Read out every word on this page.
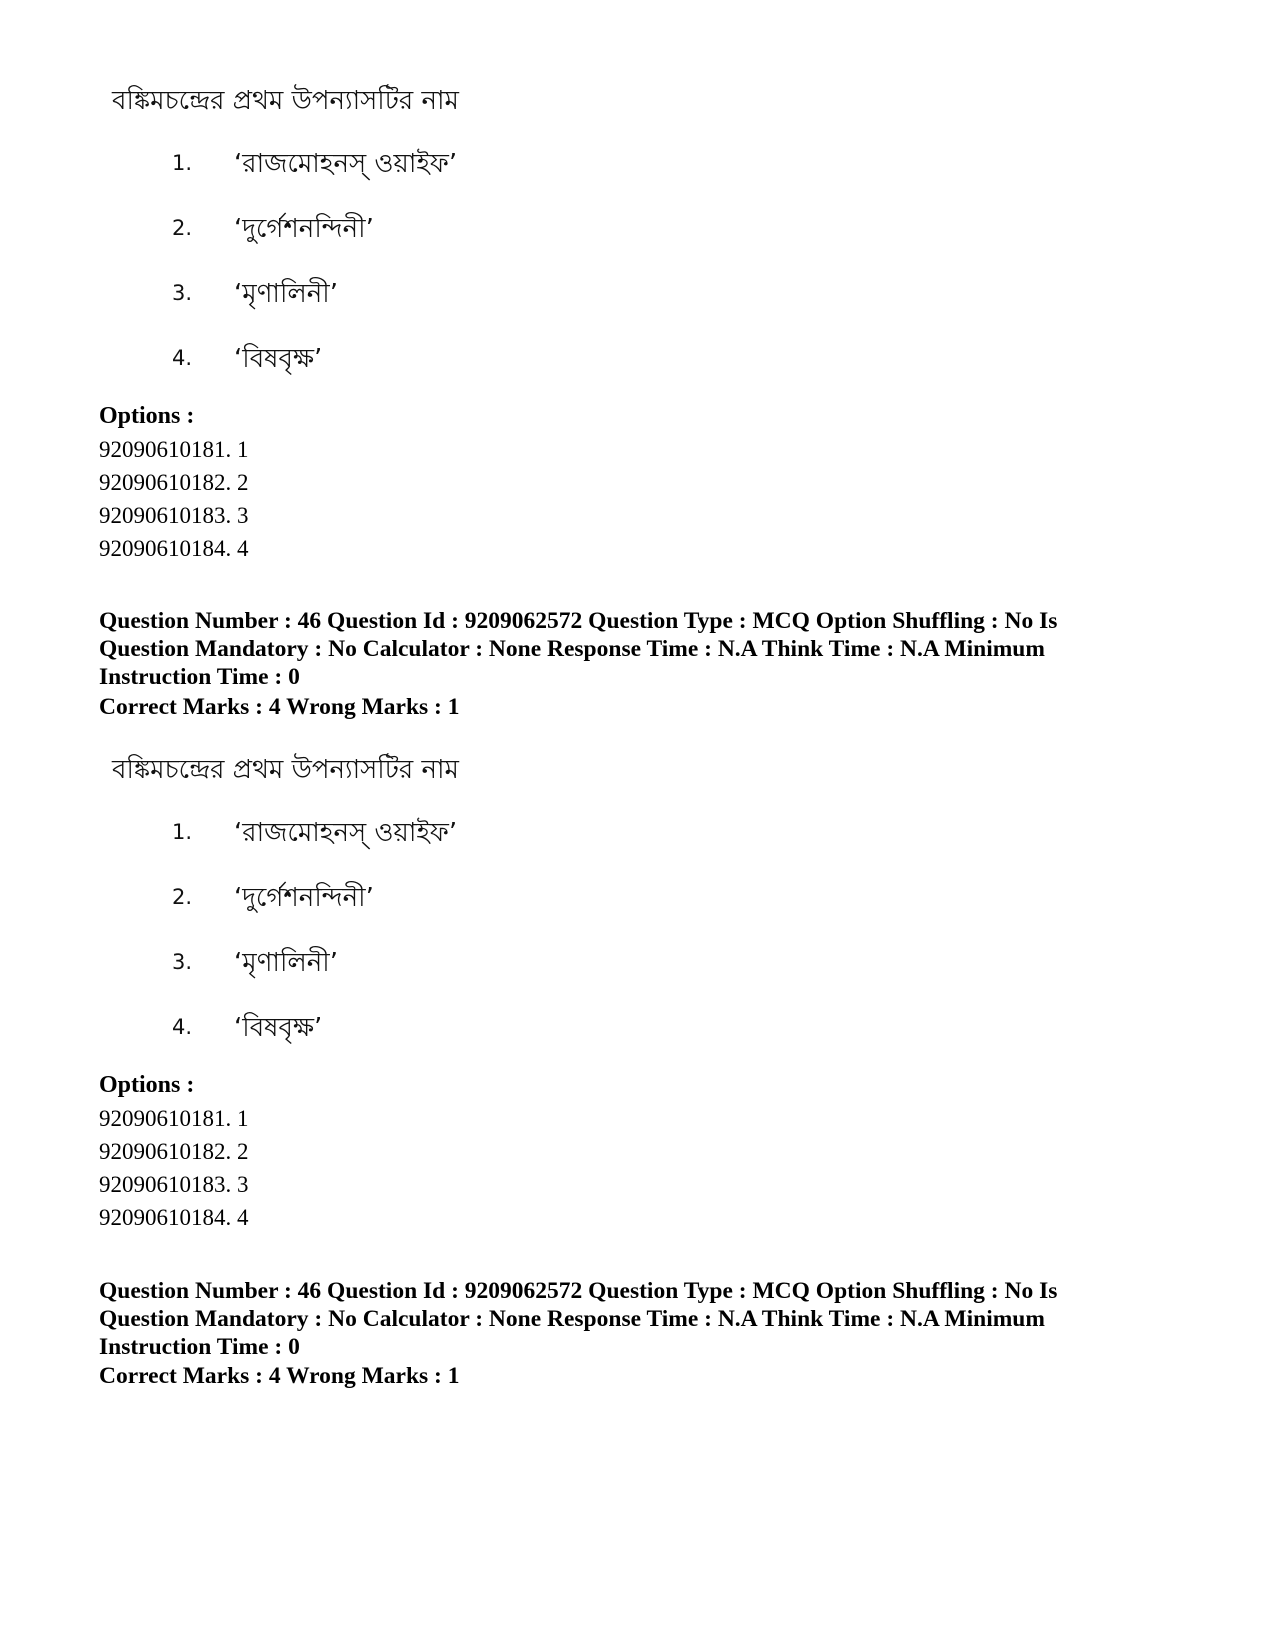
বঙ্কিমচন্দ্রের প্রথম উপন্যাসটির নাম
1. ‘রাজমোহনস্ ওয়াইফ’
2. ‘দুর্গেশনন্দিনী’
3. ‘মৃণালিনী’
4. ‘বিষবৃক্ষ’
Options :
92090610181. 1
92090610182. 2
92090610183. 3
92090610184. 4
Question Number : 46 Question Id : 9209062572 Question Type : MCQ Option Shuffling : No Is
Question Mandatory : No Calculator : None Response Time : N.A Think Time : N.A Minimum
Instruction Time : 0
Correct Marks : 4 Wrong Marks : 1
বঙ্কিমচন্দ্রের প্রথম উপন্যাসটির নাম
1. ‘রাজমোহনস্ ওয়াইফ’
2. ‘দুর্গেশনন্দিনী’
3. ‘মৃণালিনী’
4. ‘বিষবৃক্ষ’
Options :
92090610181. 1
92090610182. 2
92090610183. 3
92090610184. 4
Question Number : 46 Question Id : 9209062572 Question Type : MCQ Option Shuffling : No Is
Question Mandatory : No Calculator : None Response Time : N.A Think Time : N.A Minimum
Instruction Time : 0
Correct Marks : 4 Wrong Marks : 1
